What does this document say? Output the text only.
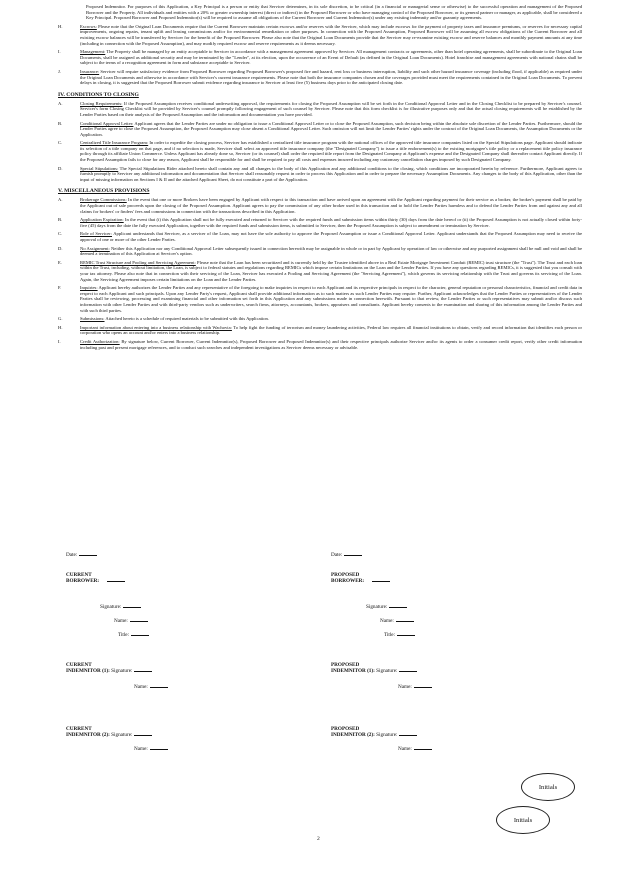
Proposed Indemnitor. For purposes of this Application, a Key Principal is a person or entity that Servicer determines, in its sole discretion, to be critical (in a financial or managerial sense or otherwise) to the successful operation and management of the Proposed Borrower and the Property. All individuals and entities with a 20% or greater ownership interest (direct or indirect) in the Proposed Borrower or who have managing control of the Proposed Borrower, or its general partner or manager, as applicable, shall be considered a Key Principal. Proposed Borrower and Proposed Indemnitor(s) will be required to assume all obligations of the Current Borrower and Current Indemnitor(s) under any existing indemnity and/or guaranty agreements.

H.	Escrows: Please note that the Original Loan Documents require that the Current Borrower maintain certain escrows and/or reserves with the Servicer, which may include escrows for the payment of property taxes and insurance premiums, or reserves for necessary capital improvements, ongoing repairs, tenant uplift and leasing commissions and/or for environmental remediation or other purposes. In connection with the Proposed Assumption, Proposed Borrower will be assuming all escrow obligations of the Current Borrower and all existing escrow balances will be transferred by Servicer for the benefit of the Proposed Borrower. Please also note that the Original Loan Documents provide that the Servicer may re-examine existing escrow and reserve balances and monthly payment amounts at any time (including in connection with the Proposed Assumption), and may modify required escrow and reserve requirements as it deems necessary.
I.	Management: The Property shall be managed by an entity acceptable to Servicer in accordance with a management agreement approved by Servicer. All management contracts or agreements, other than hotel operating agreements, shall be subordinate to the Original Loan Documents, shall be assigned as additional security and may be terminated by the "Lender", at its election, upon the occurrence of an Event of Default (as defined in the Original Loan Documents). Hotel franchise and management agreements with national chains shall be subject to the terms of a recognition agreement in form and substance acceptable to Servicer.
J.	Insurance: Servicer will require satisfactory evidence from Proposed Borrower regarding Proposed Borrower's proposed fire and hazard, rent loss or business interruption, liability and such other hazard insurance coverage (including flood, if applicable) as required under the Original Loan Documents and otherwise in accordance with Servicer's current insurance requirements. Please note that both the insurance companies chosen and the coverages provided must meet the requirements contained in the Original Loan Documents. To prevent delays in closing, it is suggested that the Proposed Borrower submit evidence regarding insurance to Servicer at least five (5) business days prior to the anticipated closing date.
IV. CONDITIONS TO CLOSING
A.	Closing Requirements: If the Proposed Assumption receives conditional underwriting approval, the requirements for closing the Proposed Assumption will be set forth in the Conditional Approval Letter and in the Closing Checklist to be prepared by Servicer's counsel. Servicer's form Closing Checklist will be provided by Servicer's counsel promptly following engagement of such counsel by Servicer. Please note that this form checklist is for illustrative purposes only and that the actual closing requirements will be established by the Lender Parties based on their analysis of the Proposed Assumption and the information and documentation you have provided.
B.	Conditional Approval Letter: Applicant agrees that the Lender Parties are under no obligation to issue a Conditional Approval Letter or to close the Proposed Assumption, such decision being within the absolute sole discretion of the Lender Parties. Furthermore, should the Lender Parties agree to close the Proposed Assumption, the Proposed Assumption may close absent a Conditional Approval Letter. Such omission will not limit the Lender Parties' rights under the contract of the Original Loan Documents, the Assumption Documents or the Application.
C.	Centralized Title Insurance Program: In order to expedite the closing process, Servicer has established a centralized title insurance program with the national offices of the approved title insurance companies listed on the Special Stipulations page. Applicant should indicate its selection of a title company on that page, and if no selection is made, Servicer shall select an approved title insurance company (the "Designated Company") to issue a title endorsement(s) to the existing mortgagee's title policy or a replacement title policy insurance policy through its affiliate Union Commerce. Unless Applicant has already done so, Servicer (or its counsel) shall order the required title report from the Designated Company at Applicant's expense and the Designated Company shall thereafter contact Applicant directly. If the Proposed Assumption fails to close for any reason, Applicant shall be responsible for and shall be required to pay all costs and expenses incurred including any customary cancellation charges imposed by such Designated Company.
D.	Special Stipulations: The Special Stipulations Rider attached hereto shall contain any and all changes to the body of this Application and any additional conditions to the closing, which conditions are incorporated herein by reference. Furthermore, Applicant agrees to furnish promptly to Servicer any additional information and documentation that Servicer shall reasonably request in order to process this Application and in order to prepare the necessary Assumption Documents. Any changes to the body of this Application, other than the input of missing information on Sections I & II and the attached Applicant Sheet, do not constitute a part of the Application.
V. MISCELLANEOUS PROVISIONS
A.	Brokerage Commissions: In the event that one or more Brokers have been engaged by Applicant with respect to this transaction and have arrived upon an agreement with the Applicant regarding payment for their service as a broker, the broker's payment shall be paid by the Applicant out of sale proceeds upon the closing of the Proposed Assumption. Applicant agrees to pay the commission of any other broker used in this transaction and to hold the Lender Parties harmless and to defend the Lender Parties from and against any and all claims for brokers' or finders' fees and commissions in connection with the transactions described in this Application.
B.	Application Expiration: In the event that (i) this Application shall not be fully executed and returned to Servicer with the required funds and submission items within thirty (30) days from the date hereof or (ii) the Proposed Assumption is not actually closed within forty-five (45) days from the date the fully executed Application, together with the required funds and submission items, is submitted to Servicer, then the Proposed Assumption is subject to amendment or termination by Servicer.
C.	Role of Servicer: Applicant understands that Servicer, as a servicer of the Loan, may not have the sole authority to approve the Proposed Assumption or issue a Conditional Approval Letter. Applicant understands that the Proposed Assumption may need to receive the approval of one or more of the other Lender Parties.
D.	No Assignment: Neither this Application nor any Conditional Approval Letter subsequently issued in connection herewith may be assignable in whole or in part by Applicant by operation of law or otherwise and any purported assignment shall be null and void and shall be deemed a termination of this Application at Servicer's option.
E.	REMIC Trust Structure and Pooling and Servicing Agreement: Please note that the Loan has been securitized and is currently held by the Trustee identified above in a Real Estate Mortgage Investment Conduit (REMIC) trust structure (the "Trust"). The Trust and each loan within the Trust, including, without limitation, the Loan, is subject to federal statutes and regulations regarding REMICs which impose certain limitations on the Loan and the Lender Parties. If you have any questions regarding REMICs, it is suggested that you consult with your tax attorney. Please also note that in connection with their servicing of the Loan, Servicer has executed a Pooling and Servicing Agreement (the "Servicing Agreement"), which governs its servicing relationship with the Trust and governs its servicing of the Loan. Again, the Servicing Agreement imposes certain limitations on the Loan and the Lender Parties.
F.	Inquiries: Applicant hereby authorizes the Lender Parties and any representative of the foregoing to make inquiries in respect to each Applicant and its respective principals in respect to the character, general reputation or personal characteristics, financial and credit data in respect to each Applicant and such principals. Upon any Lender Party's request, Applicant shall provide additional information as to such matters as such Lender Parties may require. Further, Applicant acknowledges that the Lender Parties or representatives of the Lender Parties shall be reviewing, processing and examining financial and other information set forth in this Application and any submissions made in connection herewith. Pursuant to that review, the Lender Parties or such representatives may submit and/or discuss such information with other Lender Parties and with third-party vendors such as underwriters, search firms, attorneys, accountants, brokers, appraisers and consultants. Applicant hereby consents to the examination and sharing of this information among the Lender Parties and with such third parties.
G.	Submissions: Attached hereto is a schedule of required materials to be submitted with this Application.
H.	Important information about entering into a business relationship with Wachovia: To help fight the funding of terrorism and money laundering activities, Federal law requires all financial institutions to obtain, verify and record information that identifies each person or corporation who opens an account and/or enters into a business relationship.
I.	Credit Authorization: By signature below, Current Borrower, Current Indemnitor(s), Proposed Borrower and Proposed Indemnitor(s) and their respective principals authorize Servicer and/or its agents to order a consumer credit report, verify other credit information including past and present mortgage references, and to conduct such searches and independent investigations as Servicer deems necessary or advisable.
Date:	Date:
CURRENT
BORROWER:
PROPOSED
BORROWER:
Signature:
Name:
Title:
Signature:
Name:
Title:
CURRENT
INDEMNITOR (1): Signature:
Name:
PROPOSED
INDEMNITOR (1): Signature:
Name:
CURRENT
INDEMNITOR (2): Signature:
Name:
PROPOSED
INDEMNITOR (2): Signature:
Name:
Initials
Initials
2
